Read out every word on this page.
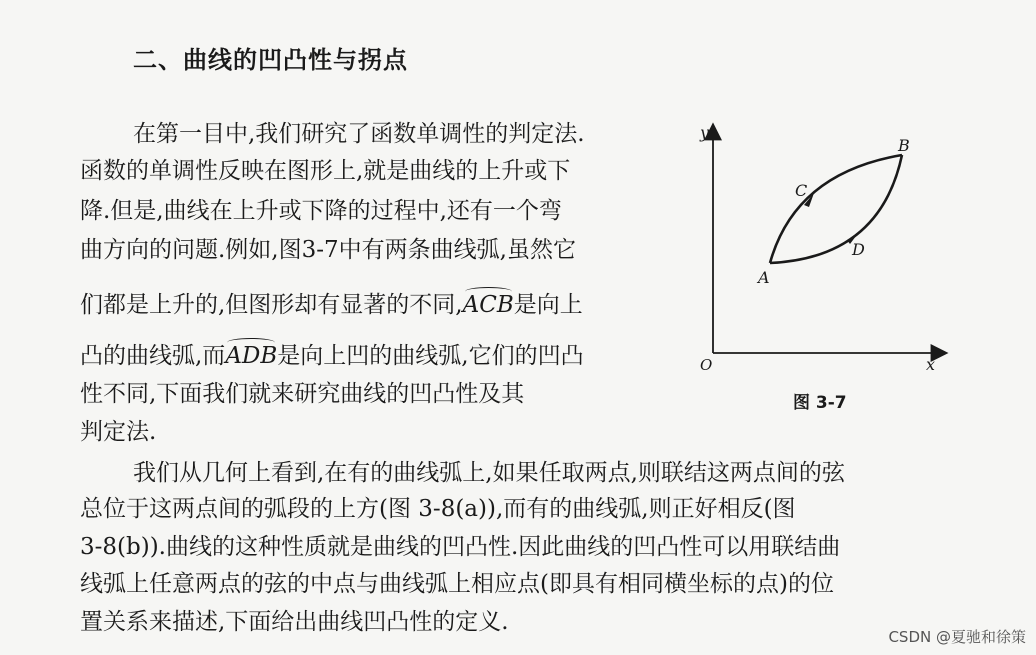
二、曲线的凹凸性与拐点
在第一目中,我们研究了函数单调性的判定法.
函数的单调性反映在图形上,就是曲线的上升或下
降.但是,曲线在上升或下降的过程中,还有一个弯
曲方向的问题.例如,图3-7中有两条曲线弧,虽然它
们都是上升的,但图形却有显著的不同,ACB是向上
凸的曲线弧,而ADB是向上凹的曲线弧,它们的凹凸
性不同,下面我们就来研究曲线的凹凸性及其
判定法.
y
x
O
A
B
C
D
图 3-7
我们从几何上看到,在有的曲线弧上,如果任取两点,则联结这两点间的弦
总位于这两点间的弧段的上方(图 3-8(a)),而有的曲线弧,则正好相反(图
3-8(b)).曲线的这种性质就是曲线的凹凸性.因此曲线的凹凸性可以用联结曲
线弧上任意两点的弦的中点与曲线弧上相应点(即具有相同横坐标的点)的位
置关系来描述,下面给出曲线凹凸性的定义.
CSDN @夏驰和徐策
